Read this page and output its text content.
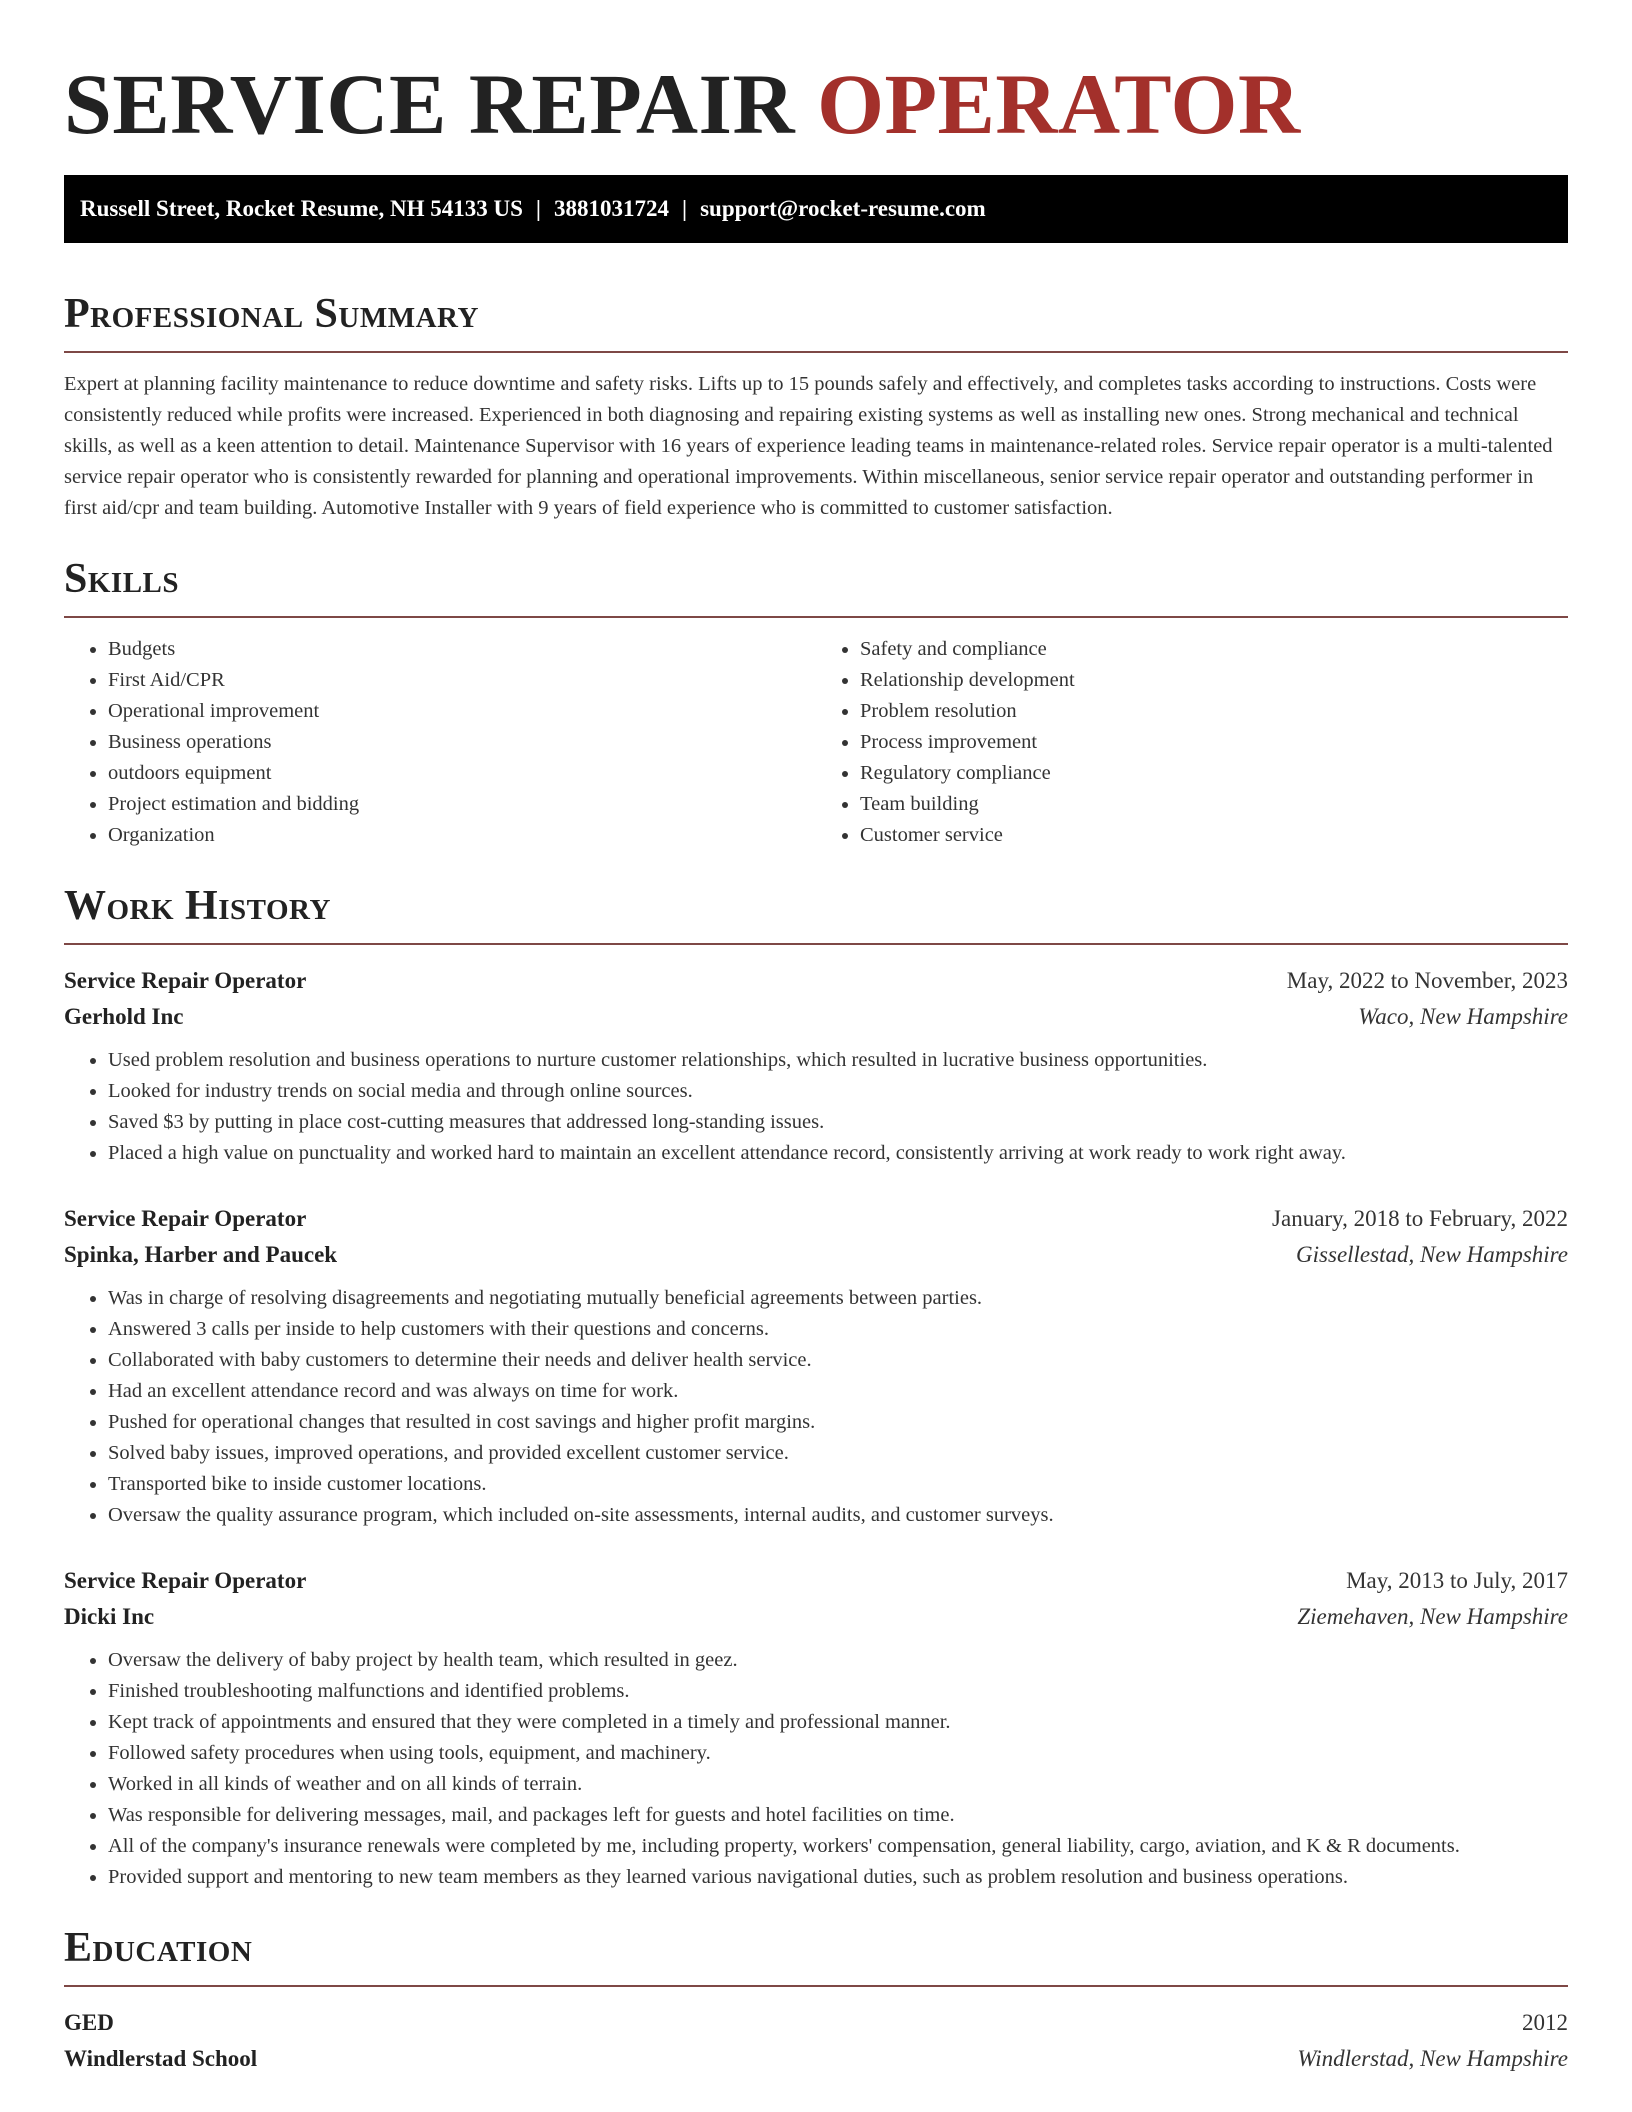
SERVICE REPAIR OPERATOR
Russell Street, Rocket Resume, NH 54133 US | 3881031724 | support@rocket-resume.com
Professional Summary

Expert at planning facility maintenance to reduce downtime and safety risks. Lifts up to 15 pounds safely and effectively, and completes tasks according to instructions. Costs were consistently reduced while profits were increased. Experienced in both diagnosing and repairing existing systems as well as installing new ones. Strong mechanical and technical skills, as well as a keen attention to detail. Maintenance Supervisor with 16 years of experience leading teams in maintenance-related roles. Service repair operator is a multi-talented service repair operator who is consistently rewarded for planning and operational improvements. Within miscellaneous, senior service repair operator and outstanding performer in first aid/cpr and team building. Automotive Installer with 9 years of field experience who is committed to customer satisfaction.

Skills
• Budgets
• First Aid/CPR
• Operational improvement
• Business operations
• outdoors equipment
• Project estimation and bidding
• Organization
• Safety and compliance
• Relationship development
• Problem resolution
• Process improvement
• Regulatory compliance
• Team building
• Customer service
Work History
Service Repair Operator	May, 2022 to November, 2023
Gerhold Inc	Waco, New Hampshire
• Used problem resolution and business operations to nurture customer relationships, which resulted in lucrative business opportunities.
• Looked for industry trends on social media and through online sources.
• Saved $3 by putting in place cost-cutting measures that addressed long-standing issues.
• Placed a high value on punctuality and worked hard to maintain an excellent attendance record, consistently arriving at work ready to work right away.
Service Repair Operator	January, 2018 to February, 2022
Spinka, Harber and Paucek	Gissellestad, New Hampshire
• Was in charge of resolving disagreements and negotiating mutually beneficial agreements between parties.
• Answered 3 calls per inside to help customers with their questions and concerns.
• Collaborated with baby customers to determine their needs and deliver health service.
• Had an excellent attendance record and was always on time for work.
• Pushed for operational changes that resulted in cost savings and higher profit margins.
• Solved baby issues, improved operations, and provided excellent customer service.
• Transported bike to inside customer locations.
• Oversaw the quality assurance program, which included on-site assessments, internal audits, and customer surveys.
Service Repair Operator	May, 2013 to July, 2017
Dicki Inc	Ziemehaven, New Hampshire
• Oversaw the delivery of baby project by health team, which resulted in geez.
• Finished troubleshooting malfunctions and identified problems.
• Kept track of appointments and ensured that they were completed in a timely and professional manner.
• Followed safety procedures when using tools, equipment, and machinery.
• Worked in all kinds of weather and on all kinds of terrain.
• Was responsible for delivering messages, mail, and packages left for guests and hotel facilities on time.
• All of the company's insurance renewals were completed by me, including property, workers' compensation, general liability, cargo, aviation, and K & R documents.
• Provided support and mentoring to new team members as they learned various navigational duties, such as problem resolution and business operations.
Education
GED	2012
Windlerstad School	Windlerstad, New Hampshire
